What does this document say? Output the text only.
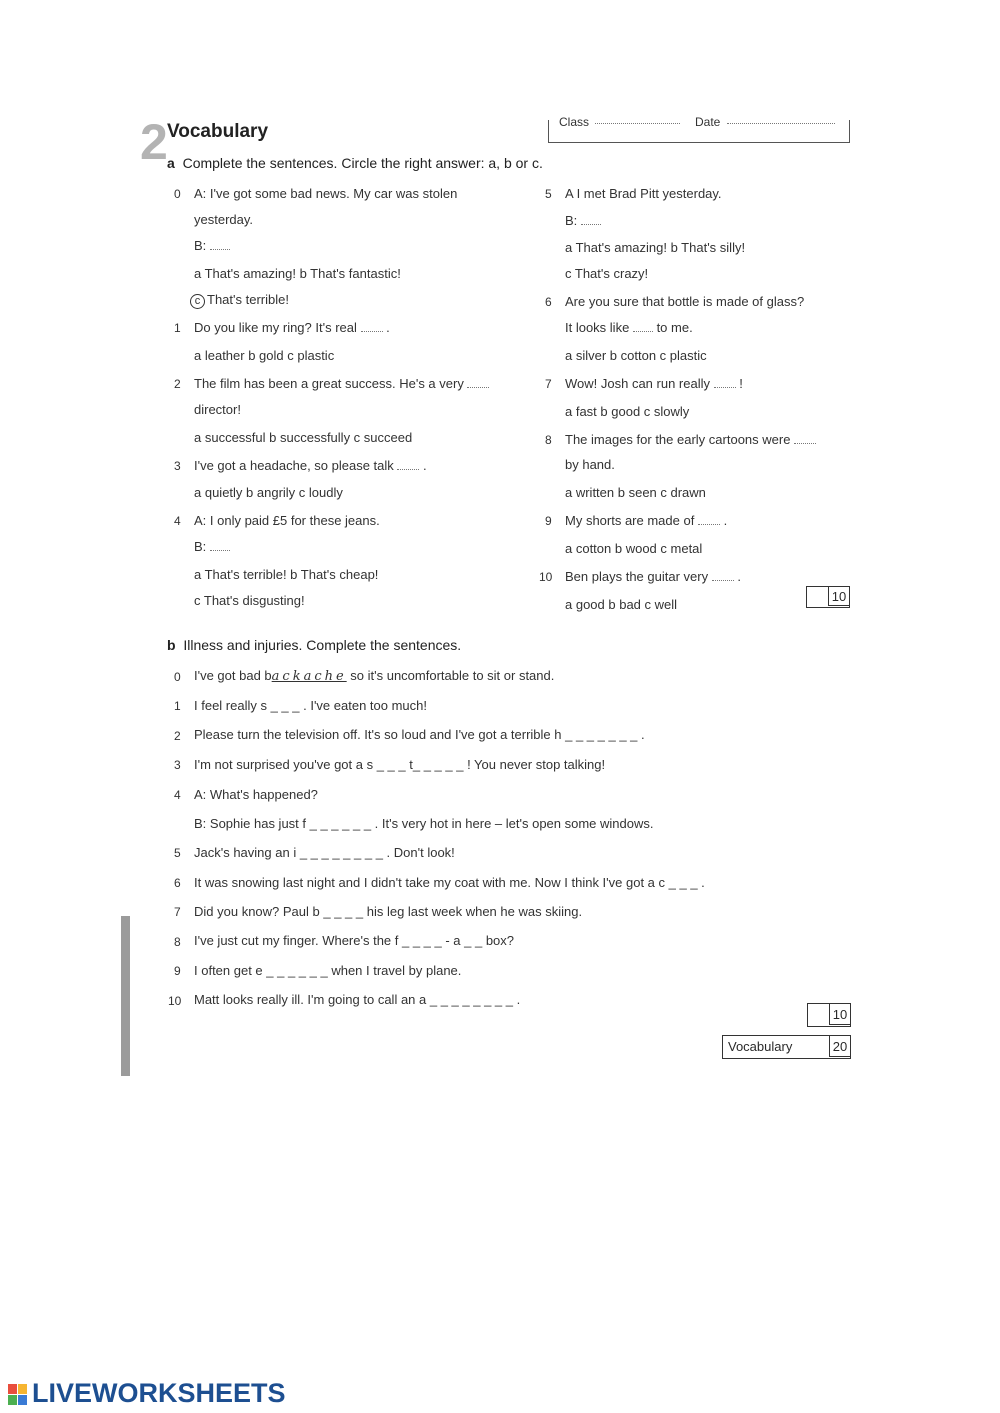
2 Vocabulary	Class	Date
a Complete the sentences. Circle the right answer: a, b or c.
0 A: I've got some bad news. My car was stolen
yesterday.
B:
a That's amazing! b That's fantastic!
c That's terrible!
1 Do you like my ring? It's real  .
a leather b gold c plastic
2 The film has been a great success. He's a very
director!
a successful b successfully c succeed
3 I've got a headache, so please talk  .
a quietly b angrily c loudly
4 A: I only paid £5 for these jeans.
B:
a That's terrible! b That's cheap!
c That's disgusting!
5 A I met Brad Pitt yesterday.
B:
a That's amazing! b That's silly!
c That's crazy!
6 Are you sure that bottle is made of glass?
It looks like to me.
a silver b cotton c plastic
7 Wow! Josh can run really !
a fast b good c slowly
8 The images for the early cartoons were
by hand.
a written b seen c drawn
9 My shorts are made of .
a cotton b wood c metal
10 Ben plays the guitar very .
a good b bad c well
10
b Illness and injuries. Complete the sentences.
0 I've got bad backache so it's uncomfortable to sit or stand.
1 I feel really s _ _ _ . I've eaten too much!
2 Please turn the television off. It's so loud and I've got a terrible h _ _ _ _ _ _ _ .
3 I'm not surprised you've got a s _ _ _ t_ _ _ _ _ ! You never stop talking!
4 A: What's happened?
B: Sophie has just f _ _ _ _ _ _ . It's very hot in here – let's open some windows.
5 Jack's having an i _ _ _ _ _ _ _ _ . Don't look!
6 It was snowing last night and I didn't take my coat with me. Now I think I've got a c _ _ _ .
7 Did you know? Paul b _ _ _ _ his leg last week when he was skiing.
8 I've just cut my finger. Where's the f _ _ _ _ - a _ _ box?
9 I often get e _ _ _ _ _ _ when I travel by plane.
10 Matt looks really ill. I'm going to call an a _ _ _ _ _ _ _ _ .
10
Vocabulary	20
LIVEWORKSHEETS
